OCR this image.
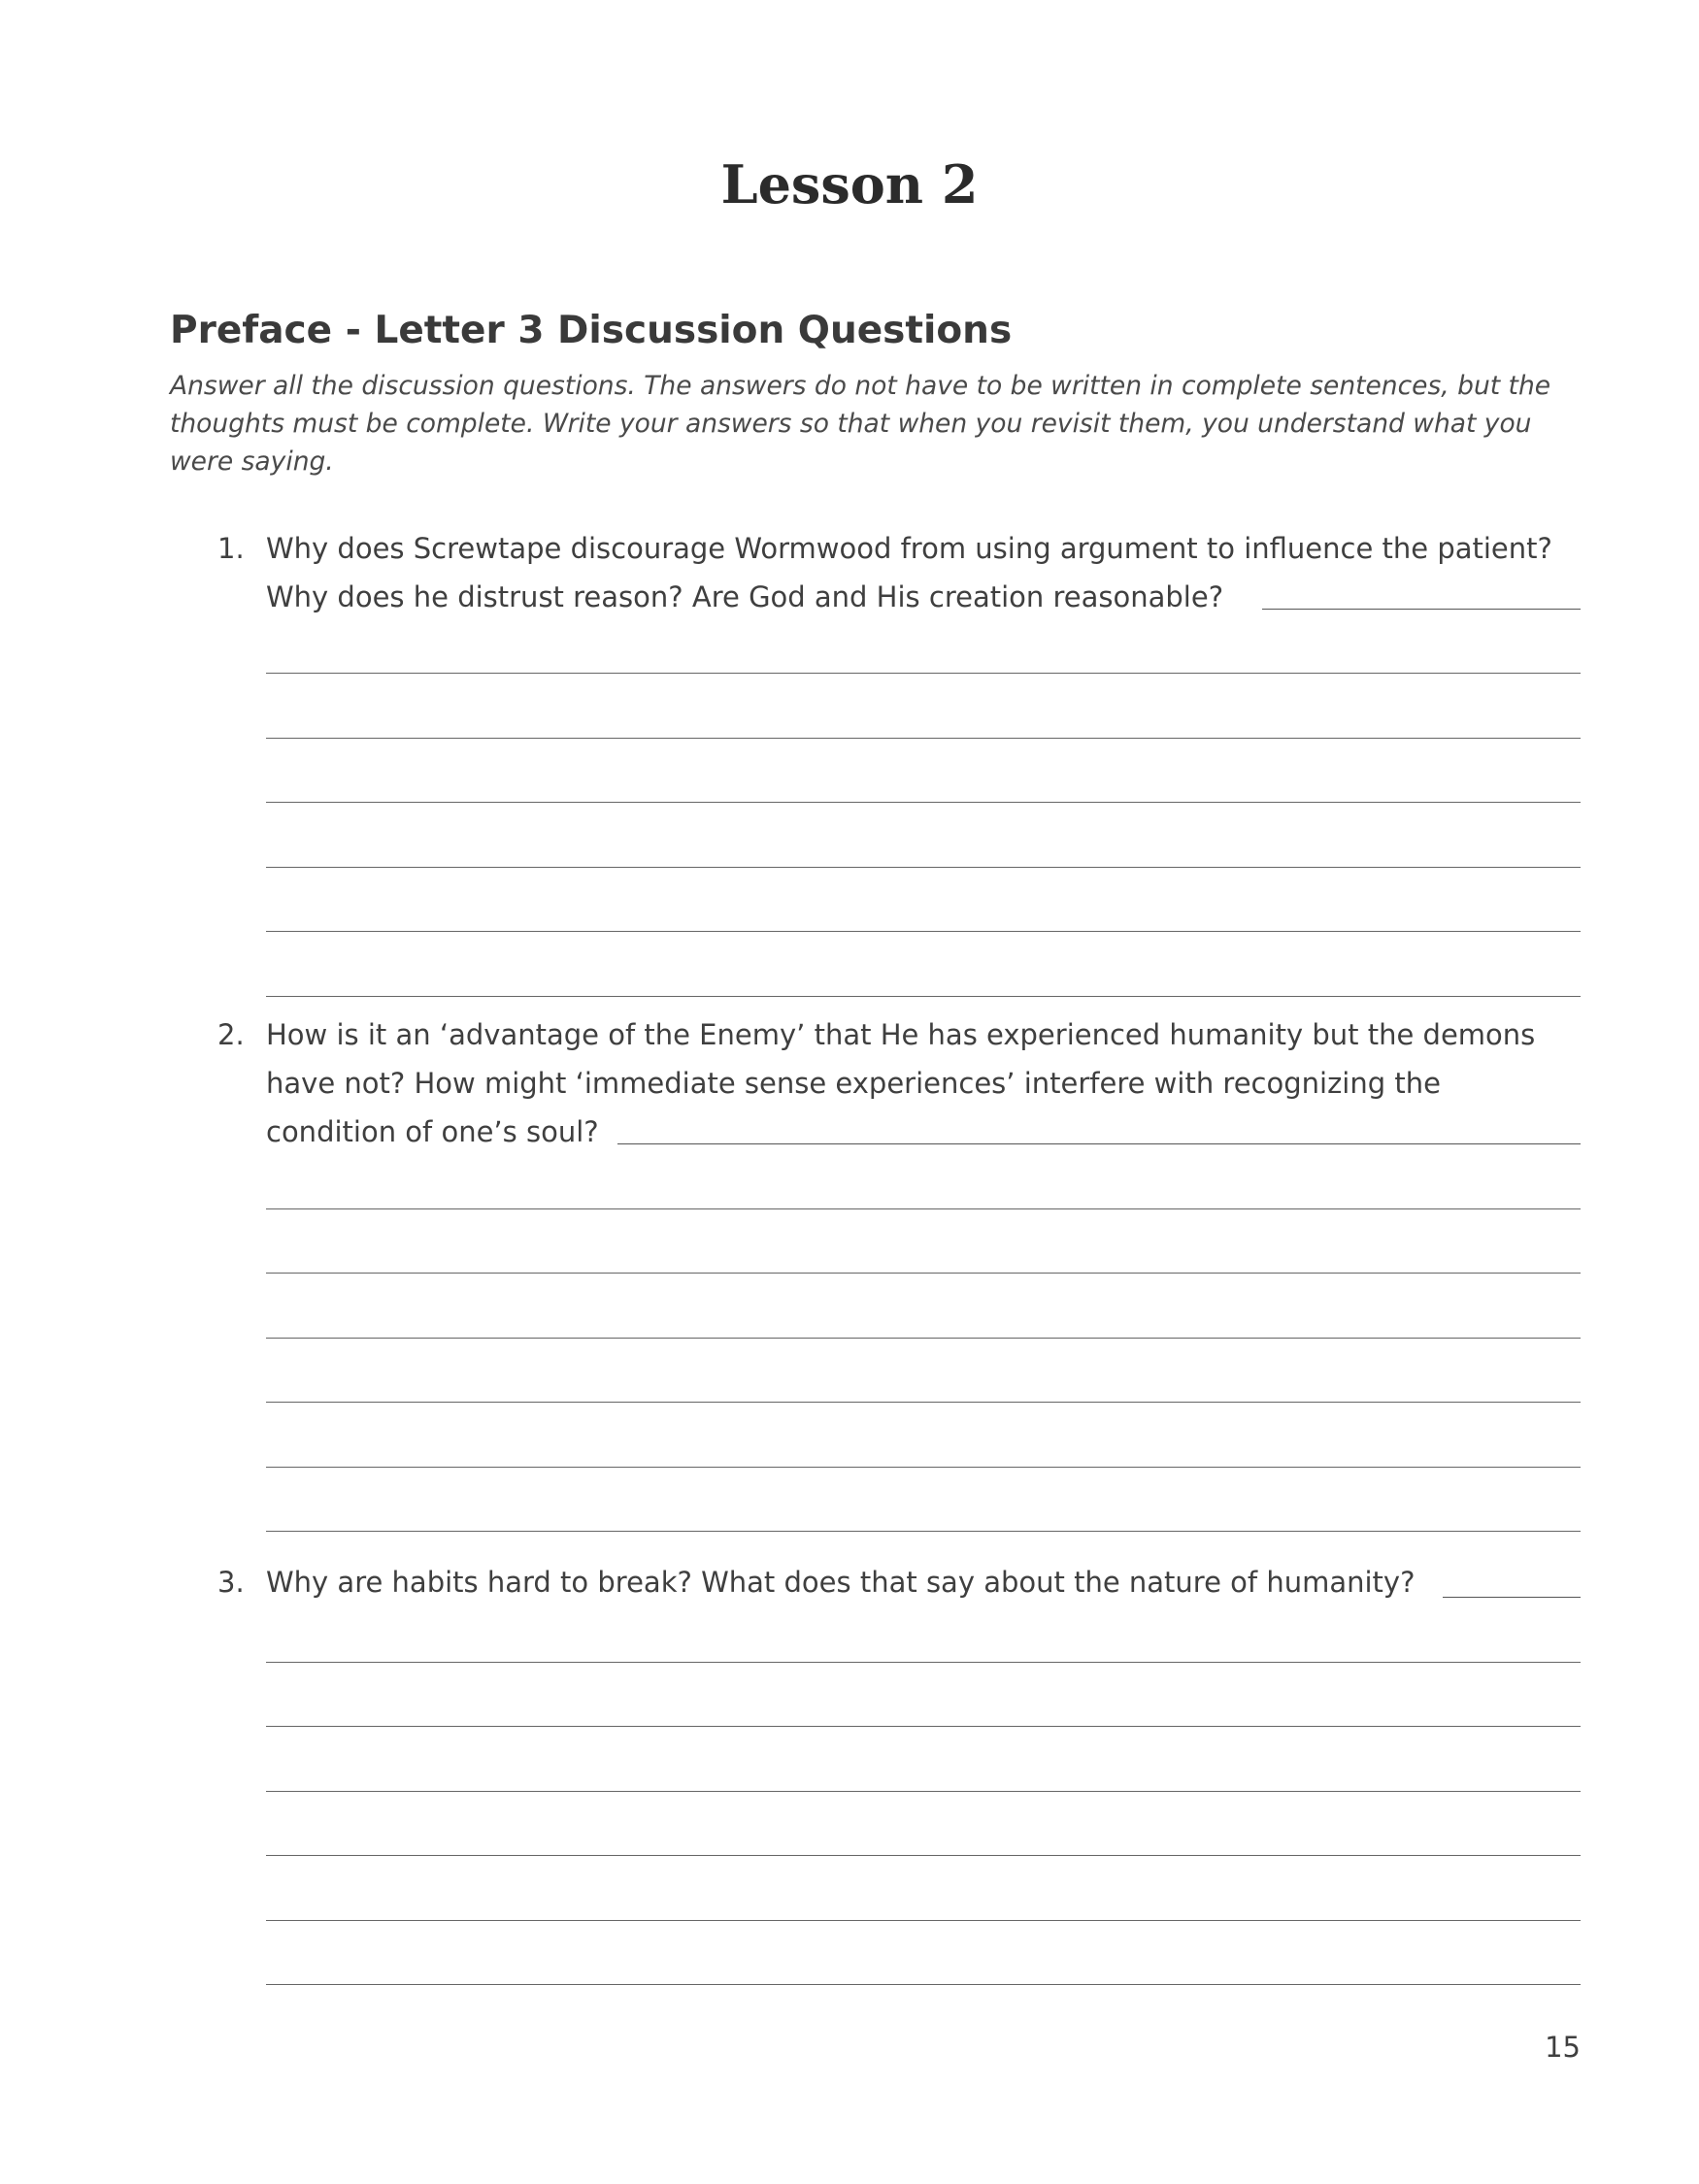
Lesson 2
Preface - Letter 3 Discussion Questions

Answer all the discussion questions. The answers do not have to be written in complete sentences, but the thoughts must be complete. Write your answers so that when you revisit them, you understand what you were saying.

1. Why does Screwtape discourage Wormwood from using argument to influence the patient? Why does he distrust reason? Are God and His creation reasonable?
2. How is it an ‘advantage of the Enemy’ that He has experienced humanity but the demons have not? How might ‘immediate sense experiences’ interfere with recognizing the condition of one’s soul?
3. Why are habits hard to break? What does that say about the nature of humanity?
15
